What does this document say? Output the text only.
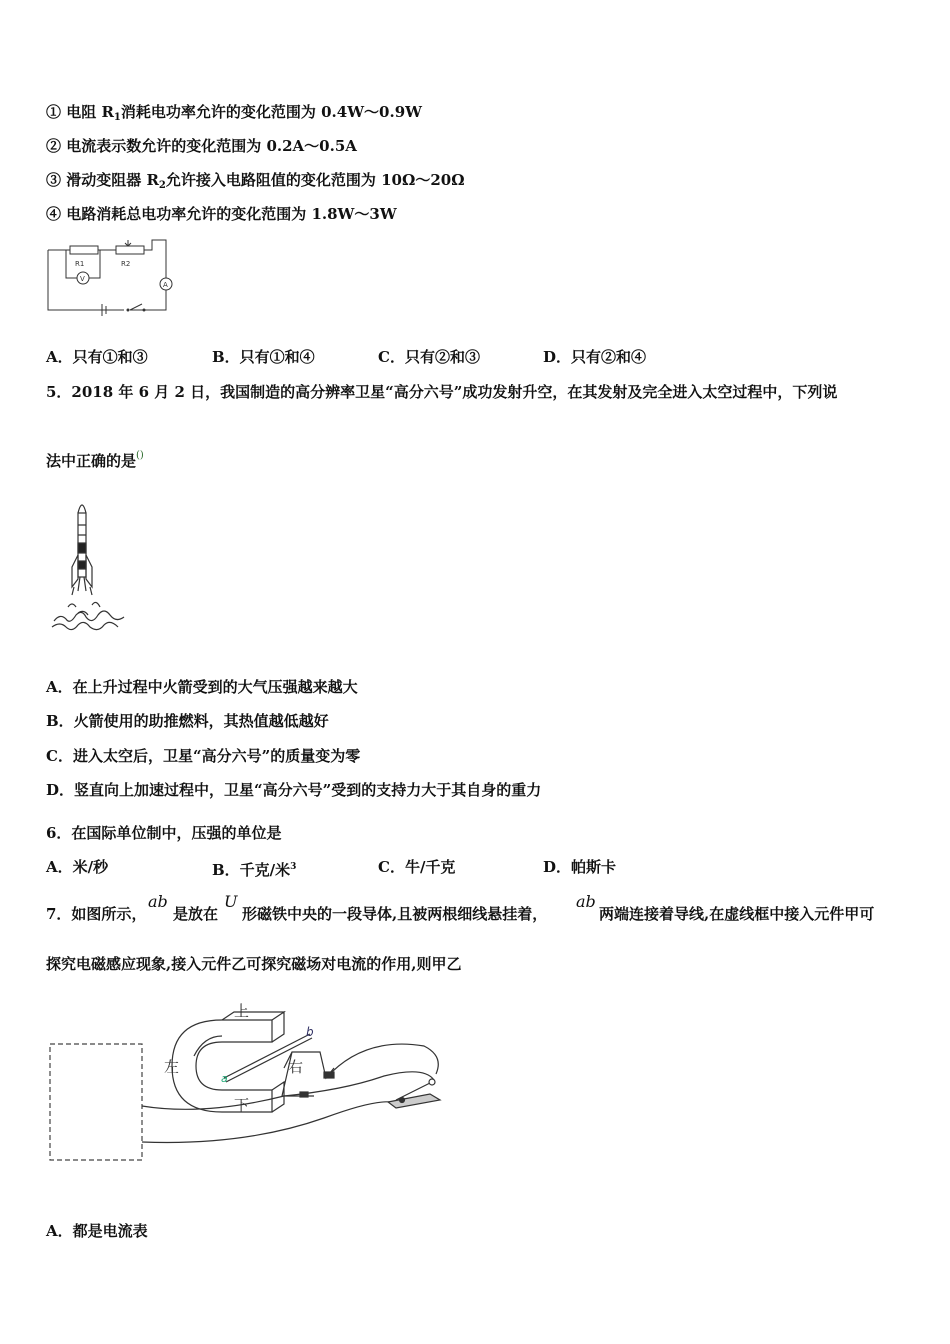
① 电阻 $R_1$消耗电功率允许的变化范围为 0.4W～0.9W
② 电流表示数允许的变化范围为 0.2A～0.5A
③ 滑动变阻器 $R_2$允许接入电路阻值的变化范围为 10Ω～20Ω
④ 电路消耗总电功率允许的变化范围为 1.8W～3W
R1	R2
V
A
A．只有①和③	B．只有①和④	C．只有②和③	D．只有②和④
5．2018 年 6 月 2 日，我国制造的高分辨率卫星“高分六号”成功发射升空，在其发射及完全进入太空过程中，下列说
法中正确的是()
A．在上升过程中火箭受到的大气压强越来越大
B．火箭使用的助推燃料，其热值越低越好
C．进入太空后，卫星“高分六号”的质量变为零
D．竖直向上加速过程中，卫星“高分六号”受到的支持力大于其自身的重力
6．在国际单位制中，压强的单位是
A．米/秒	B．千克/米$^3$	C．牛/千克	D．帕斯卡
7．如图所示，
ab
是放在
U
形磁铁中央的一段导体,且被两根细线悬挂着，
ab
两端连接着导线,在虚线框中接入元件甲可
探究电磁感应现象,接入元件乙可探究磁场对电流的作用,则甲乙
上
下
左	右
a
b
A．都是电流表
